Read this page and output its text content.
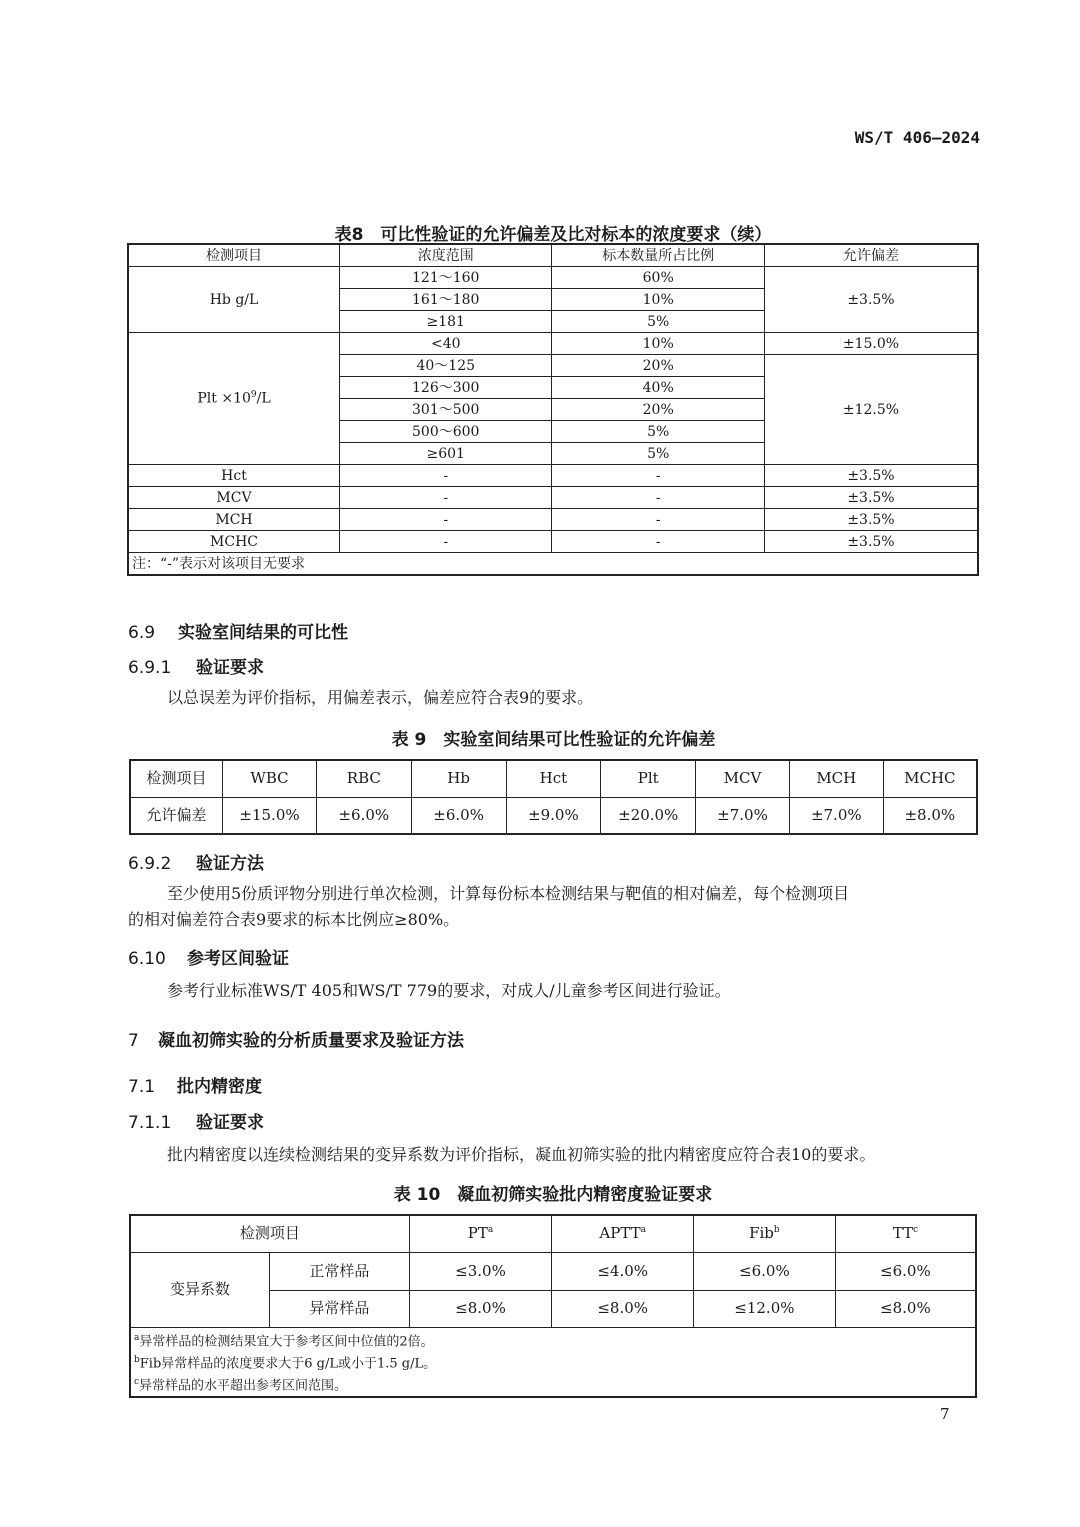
WS/T 406—2024
表8　可比性验证的允许偏差及比对标本的浓度要求（续）
检测项目	浓度范围	标本数量所占比例	允许偏差
Hb g/L	121～160	60%	±3.5%
	161～180	10%	
	≥181	5%	
Plt $\times 10^9/L$	<40	10%	±15.0%
	40～125	20%	±12.5%
	126～300	40%	
	301～500	20%	
	500～600	5%	
	≥601	5%	
Hct	-	-	±3.5%
MCV	-	-	±3.5%
MCH	-	-	±3.5%
MCHC	-	-	±3.5%
注：“-”表示对该项目无要求			
6.9 实验室间结果的可比性
6.9.1 验证要求
以总误差为评价指标，用偏差表示，偏差应符合表9的要求。
表 9　实验室间结果可比性验证的允许偏差
检测项目	WBC	RBC	Hb	Hct	Plt	MCV	MCH	MCHC
允许偏差	±15.0%	±6.0%	±6.0%	±9.0%	±20.0%	±7.0%	±7.0%	±8.0%
6.9.2 验证方法
至少使用5份质评物分别进行单次检测，计算每份标本检测结果与靶值的相对偏差，每个检测项目
的相对偏差符合表9要求的标本比例应≥80%。
6.10 参考区间验证
参考行业标准WS/T 405和WS/T 779的要求，对成人/儿童参考区间进行验证。
7 凝血初筛实验的分析质量要求及验证方法
7.1 批内精密度
7.1.1 验证要求
批内精密度以连续检测结果的变异系数为评价指标，凝血初筛实验的批内精密度应符合表10的要求。
表 10　凝血初筛实验批内精密度验证要求
检测项目		$PT^a$	APTT$^a$	Fib$^b$	$TT^c$
变异系数	正常样品	≤3.0%	≤4.0%	≤6.0%	≤6.0%
	异常样品	≤8.0%	≤8.0%	≤12.0%	≤8.0%

$^a$异常样品的检测结果宜大于参考区间中位值的2倍。
$^b$Fib异常样品的浓度要求大于6 g/L或小于1.5 g/L。
$^c$异常样品的水平超出参考区间范围。					
7
